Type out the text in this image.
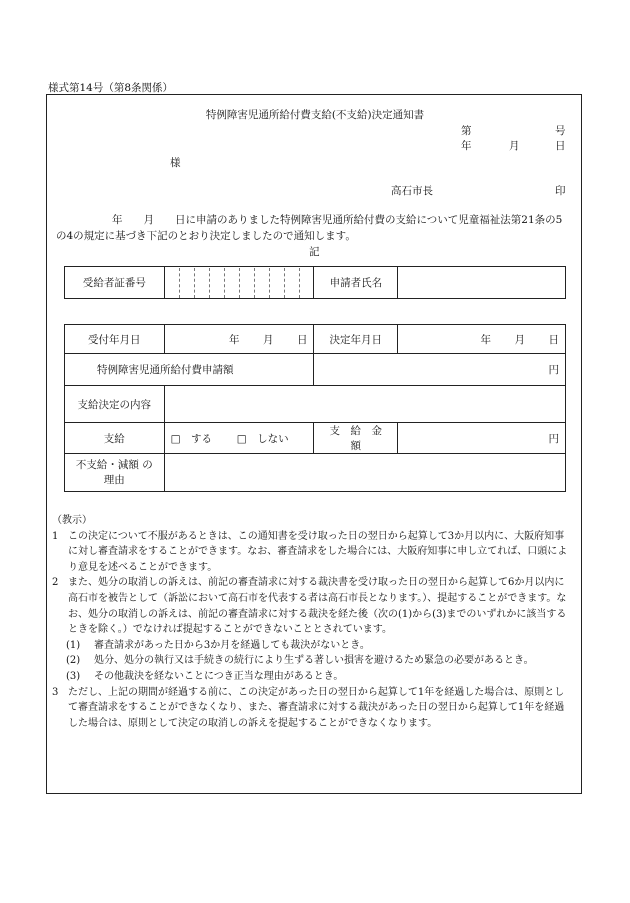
様式第14号（第8条関係）
特例障害児通所給付費支給(不支給)決定通知書
第	号
年	月	日
様
高石市長	印
年　　月　　日に申請のありました特例障害児通所給付費の支給について児童福祉法第21条の5の4の規定に基づき下記のとおり決定しましたので通知します。
記
受給者証番号		申請者氏名	
受付年月日	年 月 日	決定年月日	年 月 日

特例障害児通所給付費申請額		円	
支給決定の内容			
支給	□　する □　しない	支　給　金　額	円
不支給・減額 の理由			
（教示）
1 この決定について不服があるときは、この通知書を受け取った日の翌日から起算して3か月以内に、大阪府知事に対し審査請求をすることができます。なお、審査請求をした場合には、大阪府知事に申し立てれば、口頭により意見を述べることができます。
2 また、処分の取消しの訴えは、前記の審査請求に対する裁決書を受け取った日の翌日から起算して6か月以内に高石市を被告として（訴訟において高石市を代表する者は高石市長となります。）、提起することができます。なお、処分の取消しの訴えは、前記の審査請求に対する裁決を経た後（次の(1)から(3)までのいずれかに該当するときを除く。）でなければ提起することができないこととされています。
(1)	審査請求があった日から3か月を経過しても裁決がないとき。
(2)	処分、処分の執行又は手続きの続行により生ずる著しい損害を避けるため緊急の必要があるとき。
(3)	その他裁決を経ないことにつき正当な理由があるとき。
3 ただし、上記の期間が経過する前に、この決定があった日の翌日から起算して1年を経過した場合は、原則として審査請求をすることができなくなり、また、審査請求に対する裁決があった日の翌日から起算して1年を経過した場合は、原則として決定の取消しの訴えを提起することができなくなります。
